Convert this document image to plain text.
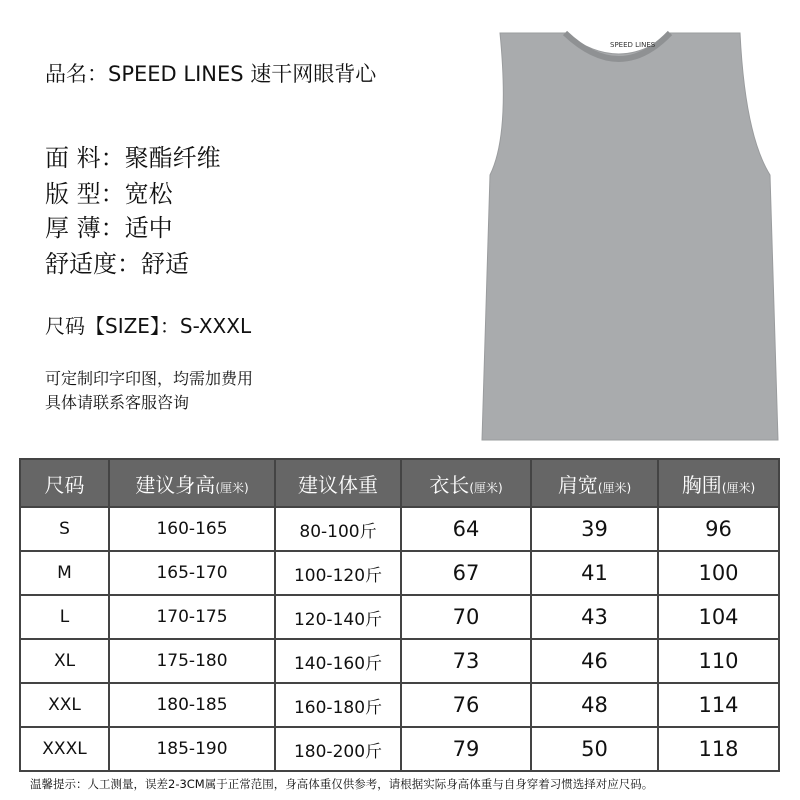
品名：SPEED LINES 速干网眼背心
面 料：聚酯纤维
版 型：宽松
厚 薄：适中
舒适度：舒适
尺码【SIZE】：S-XXXL
可定制印字印图，均需加费用
具体请联系客服咨询
SPEED LINES
尺码	建议身高(厘米)	建议体重	衣长(厘米)	肩宽(厘米)	胸围(厘米)
S	160-165	80-100斤	64	39	96
M	165-170	100-120斤	67	41	100
L	170-175	120-140斤	70	43	104
XL	175-180	140-160斤	73	46	110
XXL	180-185	160-180斤	76	48	114
XXXL	185-190	180-200斤	79	50	118
温馨提示：人工测量，误差2-3CM属于正常范围，身高体重仅供参考，请根据实际身高体重与自身穿着习惯选择对应尺码。
